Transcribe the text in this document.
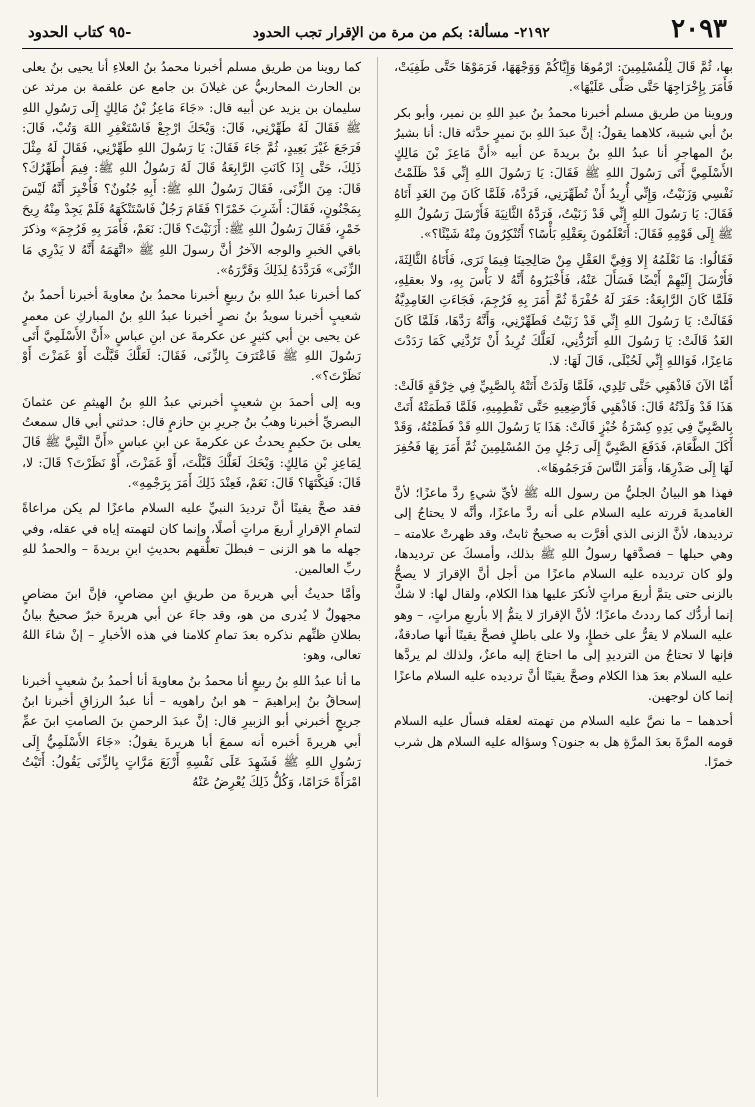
٢٠٩٣
٢١٩٢- مسألة: بكم من مرة من الإقرار تجب الحدود
-٩٥ كتاب الحدود

كما روينا من طريق مسلم أخبرنا محمدُ بنُ العلاءِ أنا يحيى بنُ يعلى بن الحارث المحاربيُّ عن غيلانَ بن جامع عن علقمة بن مرثد عن سليمان بن يزيد عن أبيه قال: «جَاءَ مَاعِزُ بْنُ مَالِكٍ إِلَى رَسُولِ اللهِ ﷺ فَقَالَ لَهُ طَهِّرْنِي، قَالَ: وَيْحَكَ ارْجِعْ فَاسْتَغْفِرِ اللهَ وَتُبْ، قَالَ: فَرَجَعَ غَيْرَ بَعِيدٍ، ثُمَّ جَاءَ فَقَالَ: يَا رَسُولَ اللهِ طَهِّرْنِي، فَقَالَ لَهُ مِثْلَ ذَلِكَ، حَتَّى إِذَا كَانَتِ الرَّابِعَةُ قَالَ لَهُ رَسُولُ اللهِ ﷺ: فِيمَ أُطَهِّرُكَ؟ قَالَ: مِنَ الزِّنَى، فَقَالَ رَسُولُ اللهِ ﷺ: أَبِهِ جُنُونٌ؟ فَأُخْبِرَ أَنَّهُ لَيْسَ بِمَجْنُونٍ، فَقَالَ: أَشَرِبَ خَمْرًا؟ فَقَامَ رَجُلٌ فَاسْتَنْكَهَهُ فَلَمْ يَجِدْ مِنْهُ رِيحَ خَمْرٍ، فَقَالَ رَسُولُ اللهِ ﷺ: أَزَنَيْتَ؟ قَالَ: نَعَمْ، فَأَمَرَ بِهِ فَرُجِمَ» وذكرَ باقي الخبرِ والوجه الآخرُ أنَّ رسولَ اللهِ ﷺ «اتَّهَمَهُ أَنَّهُ لا يَدْرِي مَا الزِّنَى» فَرَدَّدَهُ لِذَلِكَ وَقَرَّرَهُ».

كما أخبرنا عبدُ اللهِ بنُ ربيعٍ أخبرنا محمدُ بنُ معاويةَ أخبرنا أحمدُ بنُ شعيبٍ أخبرنا سويدُ بنُ نصرٍ أخبرنا عبدُ اللهِ بنُ المباركِ عن معمرٍ عن يحيى بنِ أبي كثيرٍ عن عكرمةَ عن ابنِ عباسٍ «أَنَّ الأَسْلَمِيَّ أَتَى رَسُولَ اللهِ ﷺ فَاعْتَرَفَ بِالزِّنَى، فَقَالَ: لَعَلَّكَ قَبَّلْتَ أَوْ غَمَزْتَ أَوْ نَظَرْتَ؟».

وبه إلى أحمدَ بنِ شعيبٍ أخبرني عبدُ اللهِ بنُ الهيثمِ عن عثمانَ البصريِّ أخبرنا وهبُ بنُ جريرِ بنِ حازمٍ قال: حدثني أبي قال سمعتُ يعلى بنَ حكيمٍ يحدثُ عن عكرمةَ عن ابنِ عباسٍ «أَنَّ النَّبِيَّ ﷺ قَالَ لِمَاعِزِ بْنِ مَالِكٍ: وَيْحَكَ لَعَلَّكَ قَبَّلْتَ، أَوْ غَمَزْتَ، أَوْ نَظَرْتَ؟ قَالَ: لا، قَالَ: فَنِكْتَهَا؟ قَالَ: نَعَمْ، فَعِنْدَ ذَلِكَ أَمَرَ بِرَجْمِهِ».

فقد صحَّ يقينًا أنَّ ترديدَ النبيِّ عليه السلام ماعزًا لم يكن مراعاةً لتمامِ الإقرارِ أربعَ مراتٍ أصلًا، وإنما كان لتهمته إياه في عقله، وفي جهله ما هو الزنى – فبطلَ تعلُّقهم بحديثِ ابنِ بريدةَ – والحمدُ للهِ ربِّ العالمين.

وأمَّا حديثُ أبي هريرةَ من طريقِ ابنِ مضاصٍ، فإنَّ ابنَ مضاصٍ مجهولٌ لا يُدرى من هو، وقد جاءَ عن أبي هريرةَ خبرٌ صحيحٌ بيانُ بطلانِ ظنِّهم نذكره بعدَ تمامِ كلامنا في هذه الأخبارِ – إنْ شاءَ اللهُ تعالى، وهو:

ما أنا عبدُ اللهِ بنُ ربيعٍ أنا محمدُ بنُ معاويةَ أنا أحمدُ بنُ شعيبٍ أخبرنا إسحاقُ بنُ إبراهيمَ – هو ابنُ راهويه – أنا عبدُ الرزاقِ أخبرنا ابنُ جريجٍ أخبرني أبو الزبيرِ قال: إنَّ عبدَ الرحمنِ بنَ الصامتِ ابنَ عمِّ أبي هريرةَ أخبره أنه سمعَ أبا هريرةَ يقولُ: «جَاءَ الأَسْلَمِيُّ إِلَى رَسُولِ اللهِ ﷺ فَشَهِدَ عَلَى نَفْسِهِ أَرْبَعَ مَرَّاتٍ بِالزِّنَى يَقُولُ: أَتَيْتُ امْرَأَةً حَرَامًا، وَكُلُّ ذَلِكَ يُعْرِضُ عَنْهُ

بها، ثُمَّ قَالَ لِلْمُسْلِمِينَ: ارْمُوهَا وَإِيَّاكُمْ وَوَجْهَهَا، فَرَمَوْهَا حَتَّى طَفِيَتْ، فَأَمَرَ بِإِخْرَاجِهَا حَتَّى صَلَّى عَلَيْهَا».

وروينا من طريق مسلم أخبرنا محمدُ بنُ عبدِ اللهِ بن نمير، وأبو بكر بنُ أبي شيبة، كلاهما يقولُ: إنَّ عبدَ اللهِ بنَ نميرٍ حدَّثه قال: أنا بشيرُ بنُ المهاجرِ أنا عبدُ اللهِ بنُ بريدةَ عن أبيه «أنَّ مَاعِزَ بْنَ مَالِكٍ الأَسْلَمِيَّ أَتَى رَسُولَ اللهِ ﷺ فَقَالَ: يَا رَسُولَ اللهِ إِنِّي قَدْ ظَلَمْتُ نَفْسِي وَزَنَيْتُ، وَإِنِّي أُرِيدُ أَنْ تُطَهِّرَنِي، فَرَدَّهُ، فَلَمَّا كَانَ مِنَ الغَدِ أَتَاهُ فَقَالَ: يَا رَسُولَ اللهِ إِنِّي قَدْ زَنَيْتُ، فَرَدَّهُ الثَّانِيَةَ فَأَرْسَلَ رَسُولُ اللهِ ﷺ إِلَى قَوْمِهِ فَقَالَ: أَتَعْلَمُونَ بِعَقْلِهِ بَأْسًا؟ أَتُنْكِرُونَ مِنْهُ شَيْئًا؟».

فَقَالُوا: مَا نَعْلَمُهُ إِلا وَفِيَّ العَقْلِ مِنْ صَالِحِينَا فِيمَا نَرَى، فَأَتَاهُ الثَّالِثَةَ، فَأَرْسَلَ إِلَيْهِمْ أَيْضًا فَسَأَلَ عَنْهُ، فَأَخْبَرُوهُ أَنَّهُ لا بَأْسَ بِهِ، ولا بعقلِهِ، فَلَمَّا كَانَ الرَّابِعَةُ: حَفَرَ لَهُ حُفْرَةً ثُمَّ أَمَرَ بِهِ فَرُجِمَ، فَجَاءَتِ الغَامِدِيَّةُ فَقَالَتْ: يَا رَسُولَ اللهِ إِنِّي قَدْ زَنَيْتُ فَطَهِّرْنِي، وَأَنَّهُ رَدَّهَا، فَلَمَّا كَانَ الغَدُ قَالَتْ: يَا رَسُولَ اللهِ أَتَرُدُّنِي، لَعَلَّكَ تُرِيدُ أَنْ تَرُدَّنِي كَمَا رَدَدْتَ مَاعِزًا، فَوَاللهِ إِنِّي لَحُبْلَى، قَالَ لَهَا: لا.

أَمَّا الآنَ فَاذْهَبِي حَتَّى تَلِدِي، فَلَمَّا وَلَدَتْ أَتَتْهُ بِالصَّبِيِّ فِي خِرْقَةٍ قَالَتْ: هَذَا قَدْ وَلَدْتُهُ قَالَ: فَاذْهَبِي فَأَرْضِعِيهِ حَتَّى تَفْطِمِيهِ، فَلَمَّا فَطَمَتْهُ أَتَتْ بِالصَّبِيِّ فِي يَدِهِ كِسْرَةُ خُبْزٍ قَالَتْ: هَذَا يَا رَسُولَ اللهِ قَدْ فَطَمْتُهُ، وَقَدْ أَكَلَ الطَّعَامَ، فَدَفَعَ الصَّبِيَّ إِلَى رَجُلٍ مِنَ المُسْلِمِينَ ثُمَّ أَمَرَ بِهَا فَحُفِرَ لَهَا إِلَى صَدْرِهَا، وَأَمَرَ النَّاسَ فَرَجَمُوهَا».

فهذا هو البيانُ الجليُّ من رسول الله ﷺ لأيِّ شيءٍ ردَّ ماعزًا؛ لأنَّ الغامديةَ قررته عليه السلام على أنه ردَّ ماعزًا، وأنَّه لا يحتاجُ إلى ترديدها، لأنَّ الزنى الذي أقرَّت به صحيحٌ ثابتٌ، وقد ظهرتْ علامته – وهي حبلها – فصدَّقها رسولُ اللهِ ﷺ بذلك، وأمسكَ عن ترديدها، ولو كان ترديده عليه السلام ماعزًا من أجل أنَّ الإقرارَ لا يصحُّ بالزنى حتى يتمَّ أربعَ مراتٍ لأنكرَ عليها هذا الكلام، ولقال لها: لا شكَّ إنما أردُّك كما رددتُ ماعزًا؛ لأنَّ الإقرارَ لا يتمُّ إلا بأربعِ مراتٍ، – وهو عليه السلام لا يقرُّ على خطإٍ، ولا على باطلٍ فصحَّ يقينًا أنها صادقةٌ، فإنها لا تحتاجُ من الترديدِ إلى ما احتاجَ إليه ماعزٌ، ولذلك لم يردَّها عليه السلام بعدَ هذا الكلام وصحَّ يقينًا أنَّ ترديده عليه السلام ماعزًا إنما كان لوجهين.

أحدهما – ما نصَّ عليه السلام من تهمته لعقله فسأل عليه السلام قومه المرَّةَ بعدَ المرَّةِ هل به جنون؟ وسؤاله عليه السلام هل شرب خمرًا.
